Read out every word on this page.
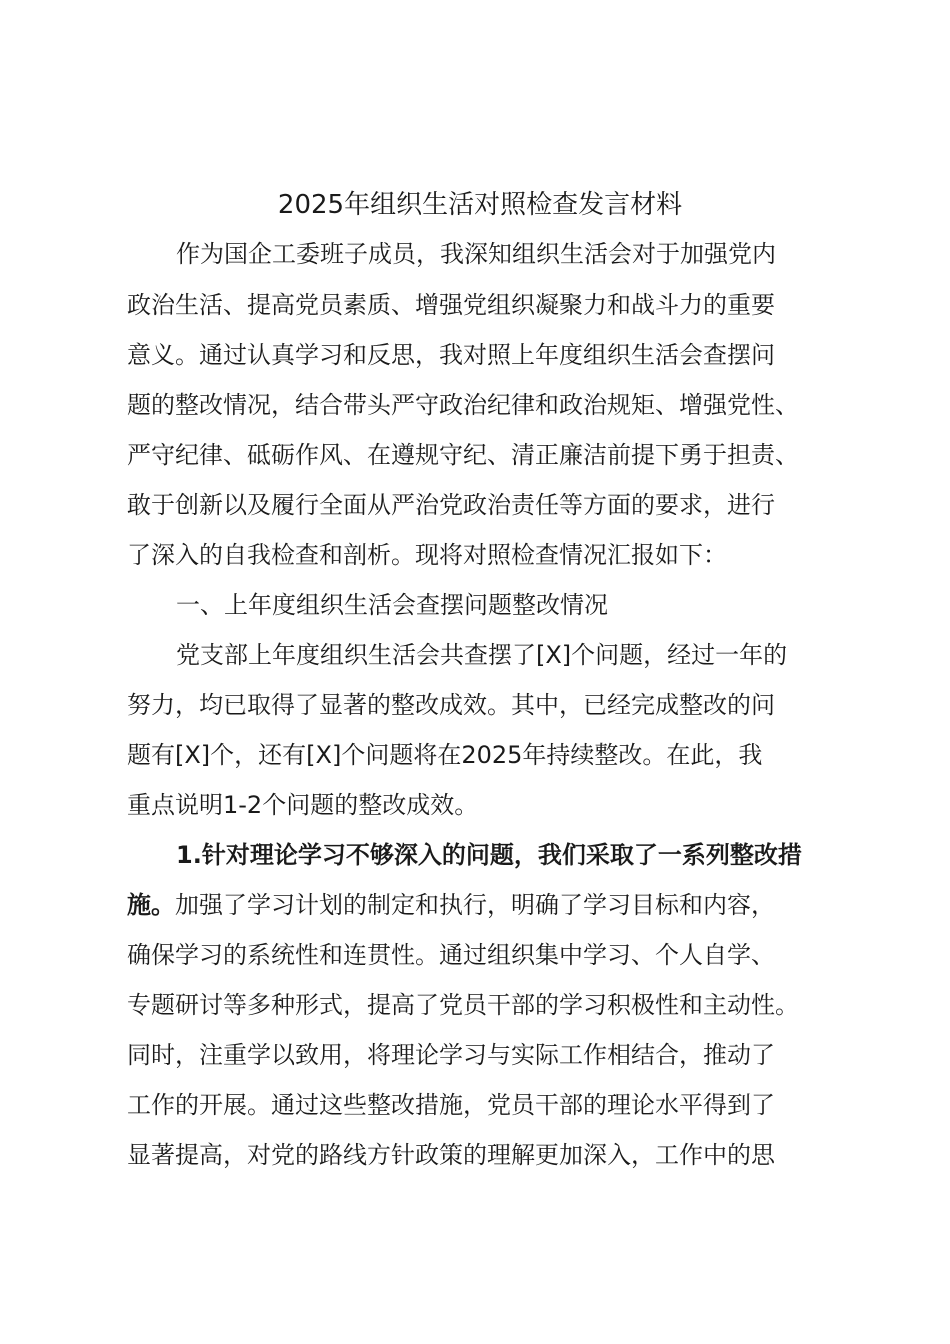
2025年组织生活对照检查发言材料
作为国企工委班子成员，我深知组织生活会对于加强党内
政治生活、提高党员素质、增强党组织凝聚力和战斗力的重要
意义。通过认真学习和反思，我对照上年度组织生活会查摆问
题的整改情况，结合带头严守政治纪律和政治规矩、增强党性、
严守纪律、砥砺作风、在遵规守纪、清正廉洁前提下勇于担责、
敢于创新以及履行全面从严治党政治责任等方面的要求，进行
了深入的自我检查和剖析。现将对照检查情况汇报如下：
一、上年度组织生活会查摆问题整改情况
党支部上年度组织生活会共查摆了[X]个问题，经过一年的
努力，均已取得了显著的整改成效。其中，已经完成整改的问
题有[X]个，还有[X]个问题将在2025年持续整改。在此，我
重点说明1-2个问题的整改成效。
1.针对理论学习不够深入的问题，我们采取了一系列整改措
施。加强了学习计划的制定和执行，明确了学习目标和内容，
确保学习的系统性和连贯性。通过组织集中学习、个人自学、
专题研讨等多种形式，提高了党员干部的学习积极性和主动性。
同时，注重学以致用，将理论学习与实际工作相结合，推动了
工作的开展。通过这些整改措施，党员干部的理论水平得到了
显著提高，对党的路线方针政策的理解更加深入，工作中的思
